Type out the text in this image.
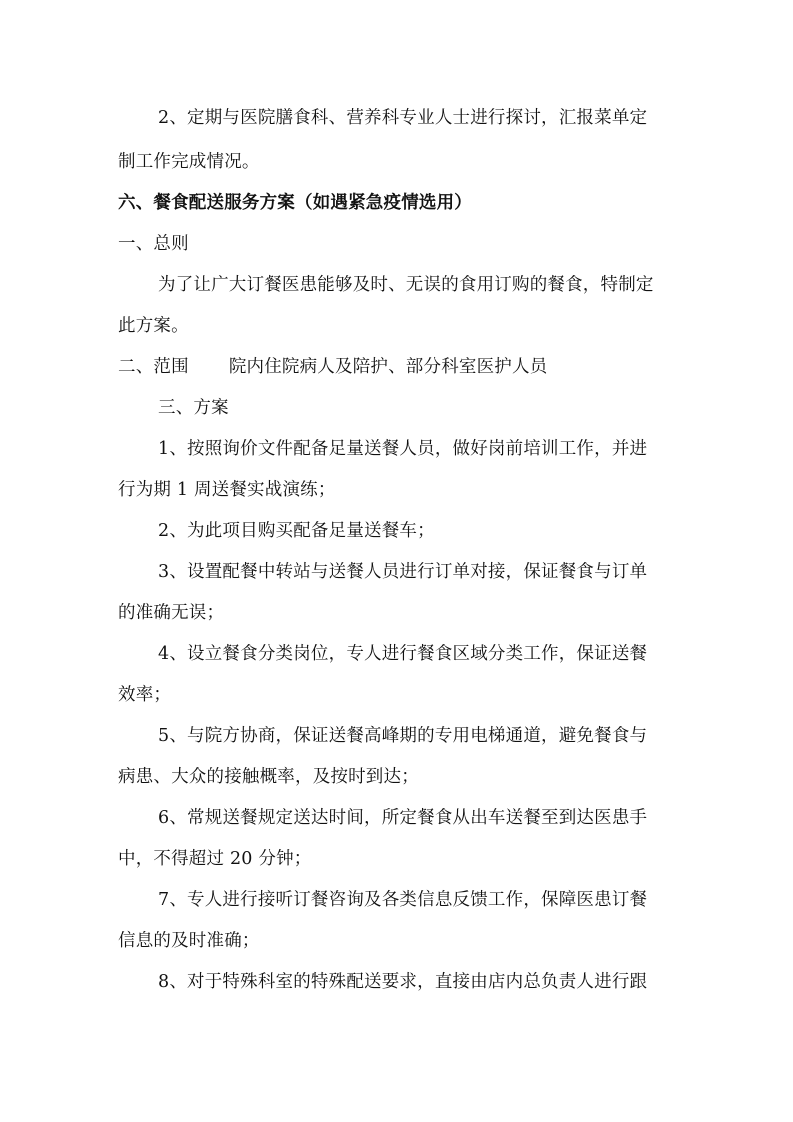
2、定期与医院膳食科、营养科专业人士进行探讨，汇报菜单定
制工作完成情况。
六、餐食配送服务方案（如遇紧急疫情选用）
一、总则
为了让广大订餐医患能够及时、无误的食用订购的餐食，特制定
此方案。
二、范围 院内住院病人及陪护、部分科室医护人员
三、方案
1、按照询价文件配备足量送餐人员，做好岗前培训工作，并进
行为期 1 周送餐实战演练；
2、为此项目购买配备足量送餐车；
3、设置配餐中转站与送餐人员进行订单对接，保证餐食与订单
的准确无误；
4、设立餐食分类岗位，专人进行餐食区域分类工作，保证送餐
效率；
5、与院方协商，保证送餐高峰期的专用电梯通道，避免餐食与
病患、大众的接触概率，及按时到达；
6、常规送餐规定送达时间，所定餐食从出车送餐至到达医患手
中，不得超过 20 分钟；
7、专人进行接听订餐咨询及各类信息反馈工作，保障医患订餐
信息的及时准确；
8、对于特殊科室的特殊配送要求，直接由店内总负责人进行跟
